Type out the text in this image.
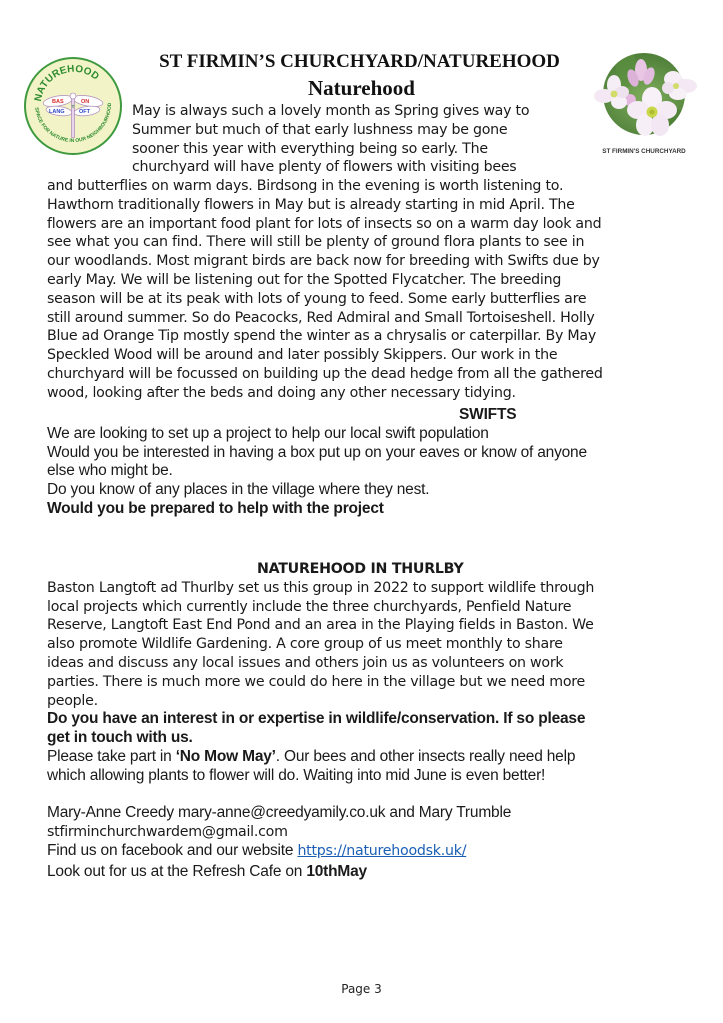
NATUREHOOD
SPACE FOR NATURE IN OUR NEIGHBOURHOOD
BAS	ON
LANG	OFT
T
ST FIRMIN’S CHURCHYARD/NATUREHOOD
Naturehood
ST FIRMIN'S CHURCHYARD
May is always such a lovely month as Spring gives way to
Summer but much of that early lushness may be gone
sooner this year with everything being so early. The
churchyard will have plenty of flowers with visiting bees
and butterflies on warm days. Birdsong in the evening is worth listening to.
Hawthorn traditionally flowers in May but is already starting in mid April. The
flowers are an important food plant for lots of insects so on a warm day look and
see what you can find. There will still be plenty of ground flora plants to see in
our woodlands. Most migrant birds are back now for breeding with Swifts due by
early May. We will be listening out for the Spotted Flycatcher. The breeding
season will be at its peak with lots of young to feed. Some early butterflies are
still around summer. So do Peacocks, Red Admiral and Small Tortoiseshell. Holly
Blue ad Orange Tip mostly spend the winter as a chrysalis or caterpillar. By May
Speckled Wood will be around and later possibly Skippers. Our work in the
churchyard will be focussed on building up the dead hedge from all the gathered
wood, looking after the beds and doing any other necessary tidying.
SWIFTS
We are looking to set up a project to help our local swift population
Would you be interested in having a box put up on your eaves or know of anyone
else who might be.
Do you know of any places in the village where they nest.
Would you be prepared to help with the project
NATUREHOOD IN THURLBY
Baston Langtoft ad Thurlby set us this group in 2022 to support wildlife through
local projects which currently include the three churchyards, Penfield Nature
Reserve, Langtoft East End Pond and an area in the Playing fields in Baston. We
also promote Wildlife Gardening. A core group of us meet monthly to share
ideas and discuss any local issues and others join us as volunteers on work
parties. There is much more we could do here in the village but we need more
people.
Do you have an interest in or expertise in wildlife/conservation. If so please
get in touch with us.
Please take part in ‘No Mow May’. Our bees and other insects really need help
which allowing plants to flower will do. Waiting into mid June is even better!
Mary-Anne Creedy mary-anne@creedyamily.co.uk and Mary Trumble
stfirminchurchwardem@gmail.com
Find us on facebook and our website https://naturehoodsk.uk/
Look out for us at the Refresh Cafe on 10thMay
Page 3
